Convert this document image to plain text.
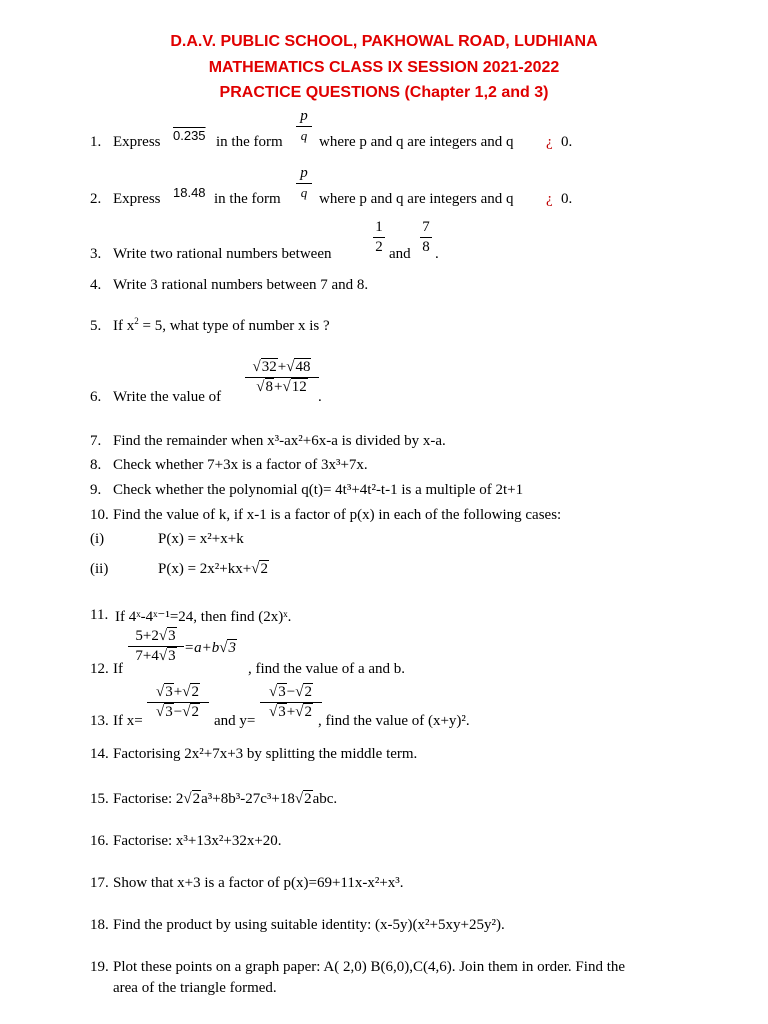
D.A.V. PUBLIC SCHOOL, PAKHOWAL ROAD, LUDHIANA
MATHEMATICS CLASS IX SESSION 2021-2022
PRACTICE QUESTIONS (Chapter 1,2 and 3)
1. Express 0.235 in the form
p
q where p and q are integers and q ¿ 0.
2. Express 18.48 in the form
p
q where p and q are integers and q ¿ 0.
3. Write two rational numbers between
1
2 and
7
8 .
4. Write 3 rational numbers between 7 and 8.
5. If $x^2 = 5$, what type of number x is ?
6. Write the value of
√32+√48
√8+√12
.
7. Find the remainder when x³-ax²+6x-a is divided by x-a.
8. Check whether 7+3x is a factor of 3x³+7x.
9. Check whether the polynomial q(t)= 4t³+4t²-t-1 is a multiple of 2t+1
10. Find the value of k, if x-1 is a factor of p(x) in each of the following cases:
(i)	P(x) = x²+x+k
(ii)	P(x) = 2x²+kx+√2
11. If 4ˣ-4ˣ⁻¹=24, then find (2x)ˣ.
12. If
5+2√3
7+4√3 =a+b√3
, find the value of a and b.
13. If x=
√3+√2
√3−√2
and y=
√3−√2
√3+√2
, find the value of (x+y)².
14. Factorising 2x²+7x+3 by splitting the middle term.
15. Factorise: 2√2a³+8b³-27c³+18√2abc.
16. Factorise: x³+13x²+32x+20.
17. Show that x+3 is a factor of p(x)=69+11x-x²+x³.
18. Find the product by using suitable identity: (x-5y)(x²+5xy+25y²).
19. Plot these points on a graph paper: A( 2,0) B(6,0),C(4,6). Join them in order. Find the
area of the triangle formed.
